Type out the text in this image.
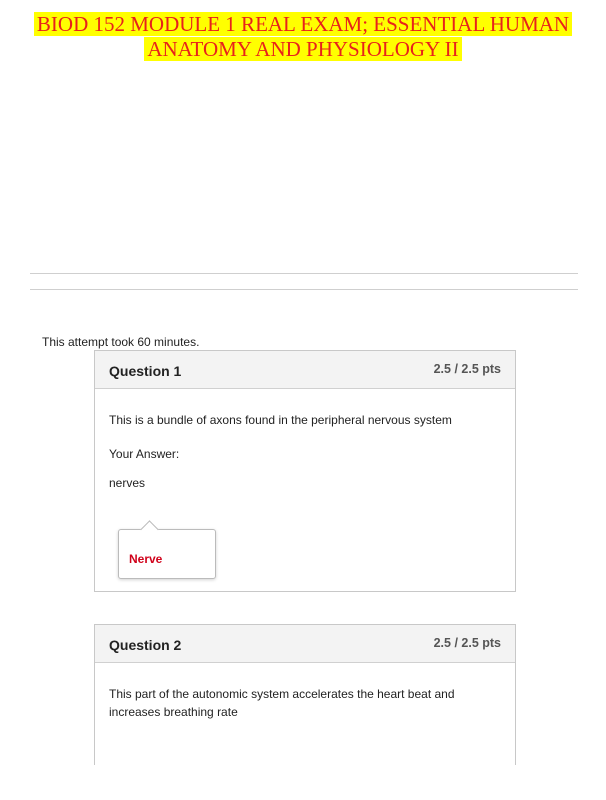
BIOD 152 MODULE 1 REAL EXAM; ESSENTIAL HUMAN
ANATOMY AND PHYSIOLOGY II
This attempt took 60 minutes.
Question 1	2.5 / 2.5 pts
This is a bundle of axons found in the peripheral nervous system
Your Answer:
nerves
Nerve
Question 2	2.5 / 2.5 pts
This part of the autonomic system accelerates the heart beat and increases breathing rate
